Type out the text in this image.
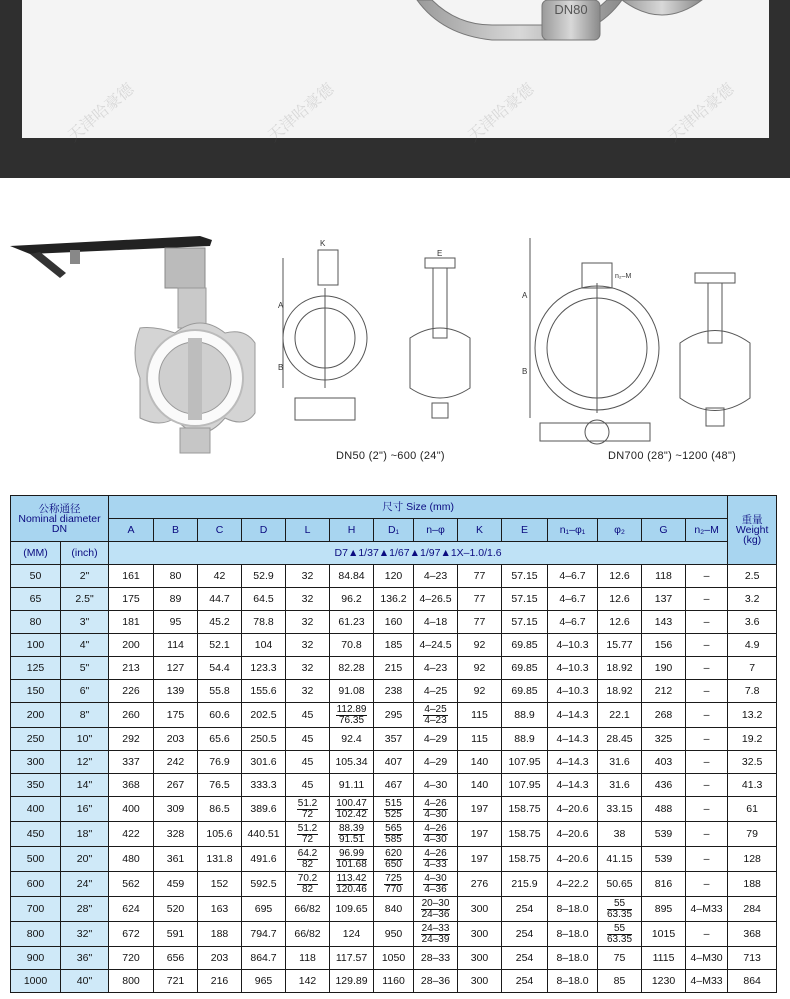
DN80
天津哈豪德	天津哈豪德	天津哈豪德	天津哈豪德
A
B
K
E
A
B
n₂–M
DN50 (2") ~600 (24")	DN700 (28") ~1200 (48")
公称通径
Nominal diameter
DN		尺寸 Size (mm)														重量
Weight
(kg)
		A	B	C	D	L	H	D₁	n–φ	K	E	n₁–φ₁	φ₂	G	n₂–M	
(MM)	(inch)	D7▲1/37▲1/67▲1/97▲1X–1.0/1.6														
50	2"	161	80	42	52.9	32	84.84	120	4–23	77	57.15	4–6.7	12.6	118	–	2.5
65	2.5"	175	89	44.7	64.5	32	96.2	136.2	4–26.5	77	57.15	4–6.7	12.6	137	–	3.2
80	3"	181	95	45.2	78.8	32	61.23	160	4–18	77	57.15	4–6.7	12.6	143	–	3.6
100	4"	200	114	52.1	104	32	70.8	185	4–24.5	92	69.85	4–10.3	15.77	156	–	4.9
125	5"	213	127	54.4	123.3	32	82.28	215	4–23	92	69.85	4–10.3	18.92	190	–	7
150	6"	226	139	55.8	155.6	32	91.08	238	4–25	92	69.85	4–10.3	18.92	212	–	7.8
200	8"	260	175	60.6	202.5	45	$\frac{112.89}{76.35}$	295	$\frac{4-25}{4-23}$	115	88.9	4–14.3	22.1	268	–	13.2
250	10"	292	203	65.6	250.5	45	92.4	357	4–29	115	88.9	4–14.3	28.45	325	–	19.2
300	12"	337	242	76.9	301.6	45	105.34	407	4–29	140	107.95	4–14.3	31.6	403	–	32.5
350	14"	368	267	76.5	333.3	45	91.11	467	4–30	140	107.95	4–14.3	31.6	436	–	41.3
400	16"	400	309	86.5	389.6	$\frac{51.2}{72}$	$\frac{100.47}{102.42}$	$\frac{515}{525}$	$\frac{4-26}{4-30}$	197	158.75	4–20.6	33.15	488	–	61
450	18"	422	328	105.6	440.51	$\frac{51.2}{72}$	$\frac{88.39}{91.51}$	$\frac{565}{585}$	$\frac{4-26}{4-30}$	197	158.75	4–20.6	38	539	–	79
500	20"	480	361	131.8	491.6	$\frac{64.2}{82}$	$\frac{96.99}{101.68}$	$\frac{620}{650}$	$\frac{4-26}{4-33}$	197	158.75	4–20.6	41.15	539	–	128
600	24"	562	459	152	592.5	$\frac{70.2}{82}$	$\frac{113.42}{120.46}$	$\frac{725}{770}$	$\frac{4-30}{4-36}$	276	215.9	4–22.2	50.65	816	–	188
700	28"	624	520	163	695	66/82	109.65	840	$\frac{20-30}{24-36}$	300	254	8–18.0	$\frac{55}{63.35}$	895	4–M33	284
800	32"	672	591	188	794.7	66/82	124	950	$\frac{24-33}{24-39}$	300	254	8–18.0	$\frac{55}{63.35}$	1015	–	368
900	36"	720	656	203	864.7	118	117.57	1050	28–33	300	254	8–18.0	75	1115	4–M30	713
1000	40"	800	721	216	965	142	129.89	1160	28–36	300	254	8–18.0	85	1230	4–M33	864
